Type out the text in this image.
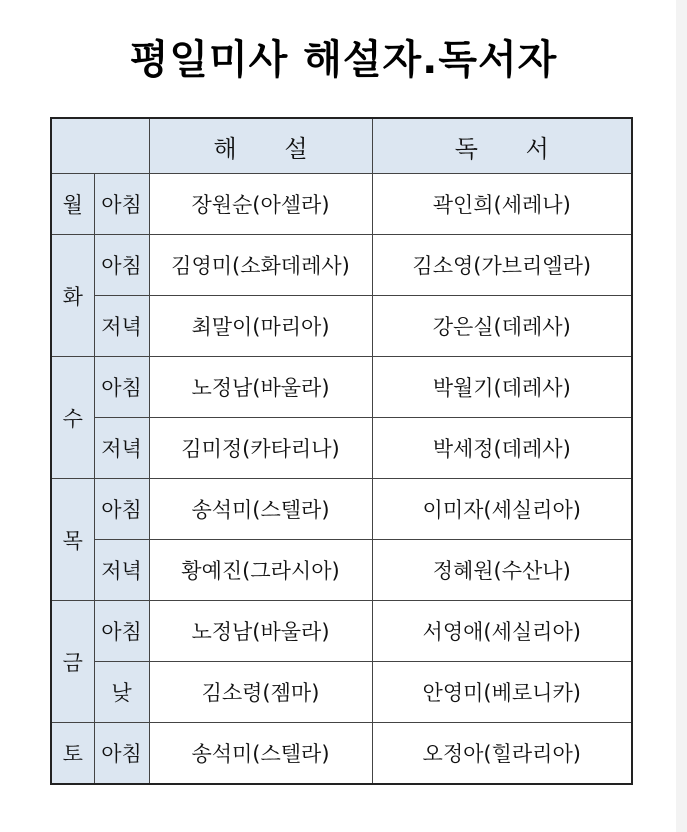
평일미사 해설자.독서자
		해 설	독 서
월	아침	장원순(아셀라)	곽인희(세레나)
화	아침	김영미(소화데레사)	김소영(가브리엘라)
	저녁	최말이(마리아)	강은실(데레사)
수	아침	노정남(바울라)	박월기(데레사)
	저녁	김미정(카타리나)	박세정(데레사)
목	아침	송석미(스텔라)	이미자(세실리아)
	저녁	황예진(그라시아)	정혜원(수산나)
금	아침	노정남(바울라)	서영애(세실리아)
	낮	김소령(젬마)	안영미(베로니카)
토	아침	송석미(스텔라)	오정아(힐라리아)
